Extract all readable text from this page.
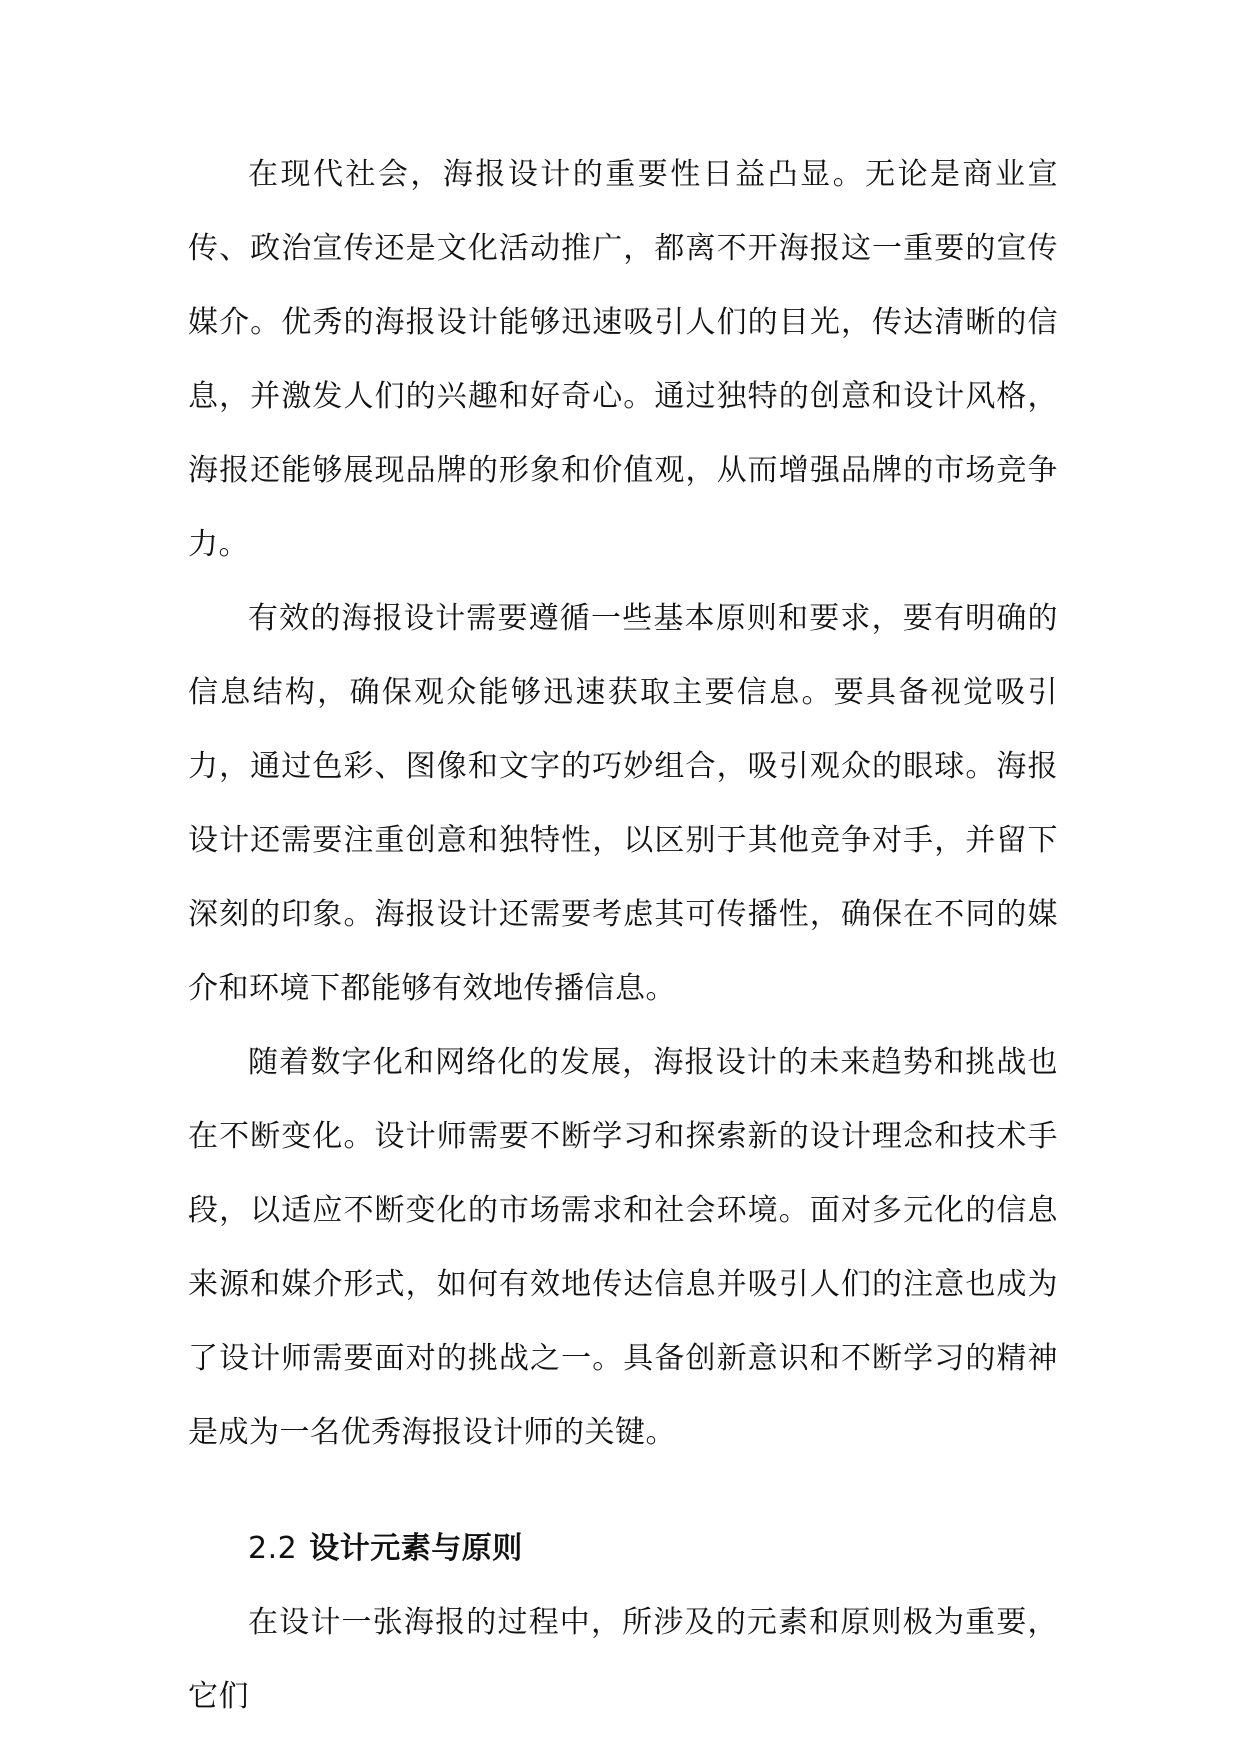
在现代社会，海报设计的重要性日益凸显。无论是商业宣传、政治宣传还是文化活动推广，都离不开海报这一重要的宣传媒介。优秀的海报设计能够迅速吸引人们的目光，传达清晰的信息，并激发人们的兴趣和好奇心。通过独特的创意和设计风格，海报还能够展现品牌的形象和价值观，从而增强品牌的市场竞争力。

有效的海报设计需要遵循一些基本原则和要求，要有明确的信息结构，确保观众能够迅速获取主要信息。要具备视觉吸引力，通过色彩、图像和文字的巧妙组合，吸引观众的眼球。海报设计还需要注重创意和独特性，以区别于其他竞争对手，并留下深刻的印象。海报设计还需要考虑其可传播性，确保在不同的媒介和环境下都能够有效地传播信息。

随着数字化和网络化的发展，海报设计的未来趋势和挑战也在不断变化。设计师需要不断学习和探索新的设计理念和技术手段，以适应不断变化的市场需求和社会环境。面对多元化的信息来源和媒介形式，如何有效地传达信息并吸引人们的注意也成为了设计师需要面对的挑战之一。具备创新意识和不断学习的精神是成为一名优秀海报设计师的关键。

2.2 设计元素与原则

在设计一张海报的过程中，所涉及的元素和原则极为重要，它们
